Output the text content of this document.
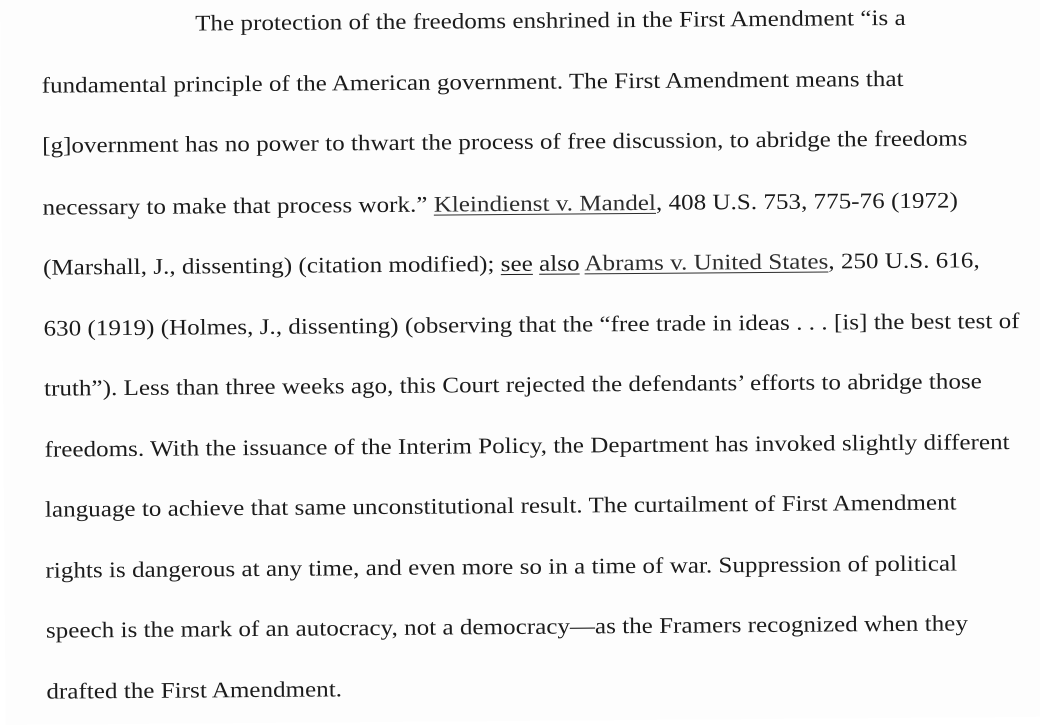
The protection of the freedoms enshrined in the First Amendment “is a
fundamental principle of the American government. The First Amendment means that
[g]overnment has no power to thwart the process of free discussion, to abridge the freedoms
necessary to make that process work.” Kleindienst v. Mandel, 408 U.S. 753, 775-76 (1972)
(Marshall, J., dissenting) (citation modified); see also Abrams v. United States, 250 U.S. 616,
630 (1919) (Holmes, J., dissenting) (observing that the “free trade in ideas . . . [is] the best test of
truth”). Less than three weeks ago, this Court rejected the defendants’ efforts to abridge those
freedoms. With the issuance of the Interim Policy, the Department has invoked slightly different
language to achieve that same unconstitutional result. The curtailment of First Amendment
rights is dangerous at any time, and even more so in a time of war. Suppression of political
speech is the mark of an autocracy, not a democracy—as the Framers recognized when they
drafted the First Amendment.
